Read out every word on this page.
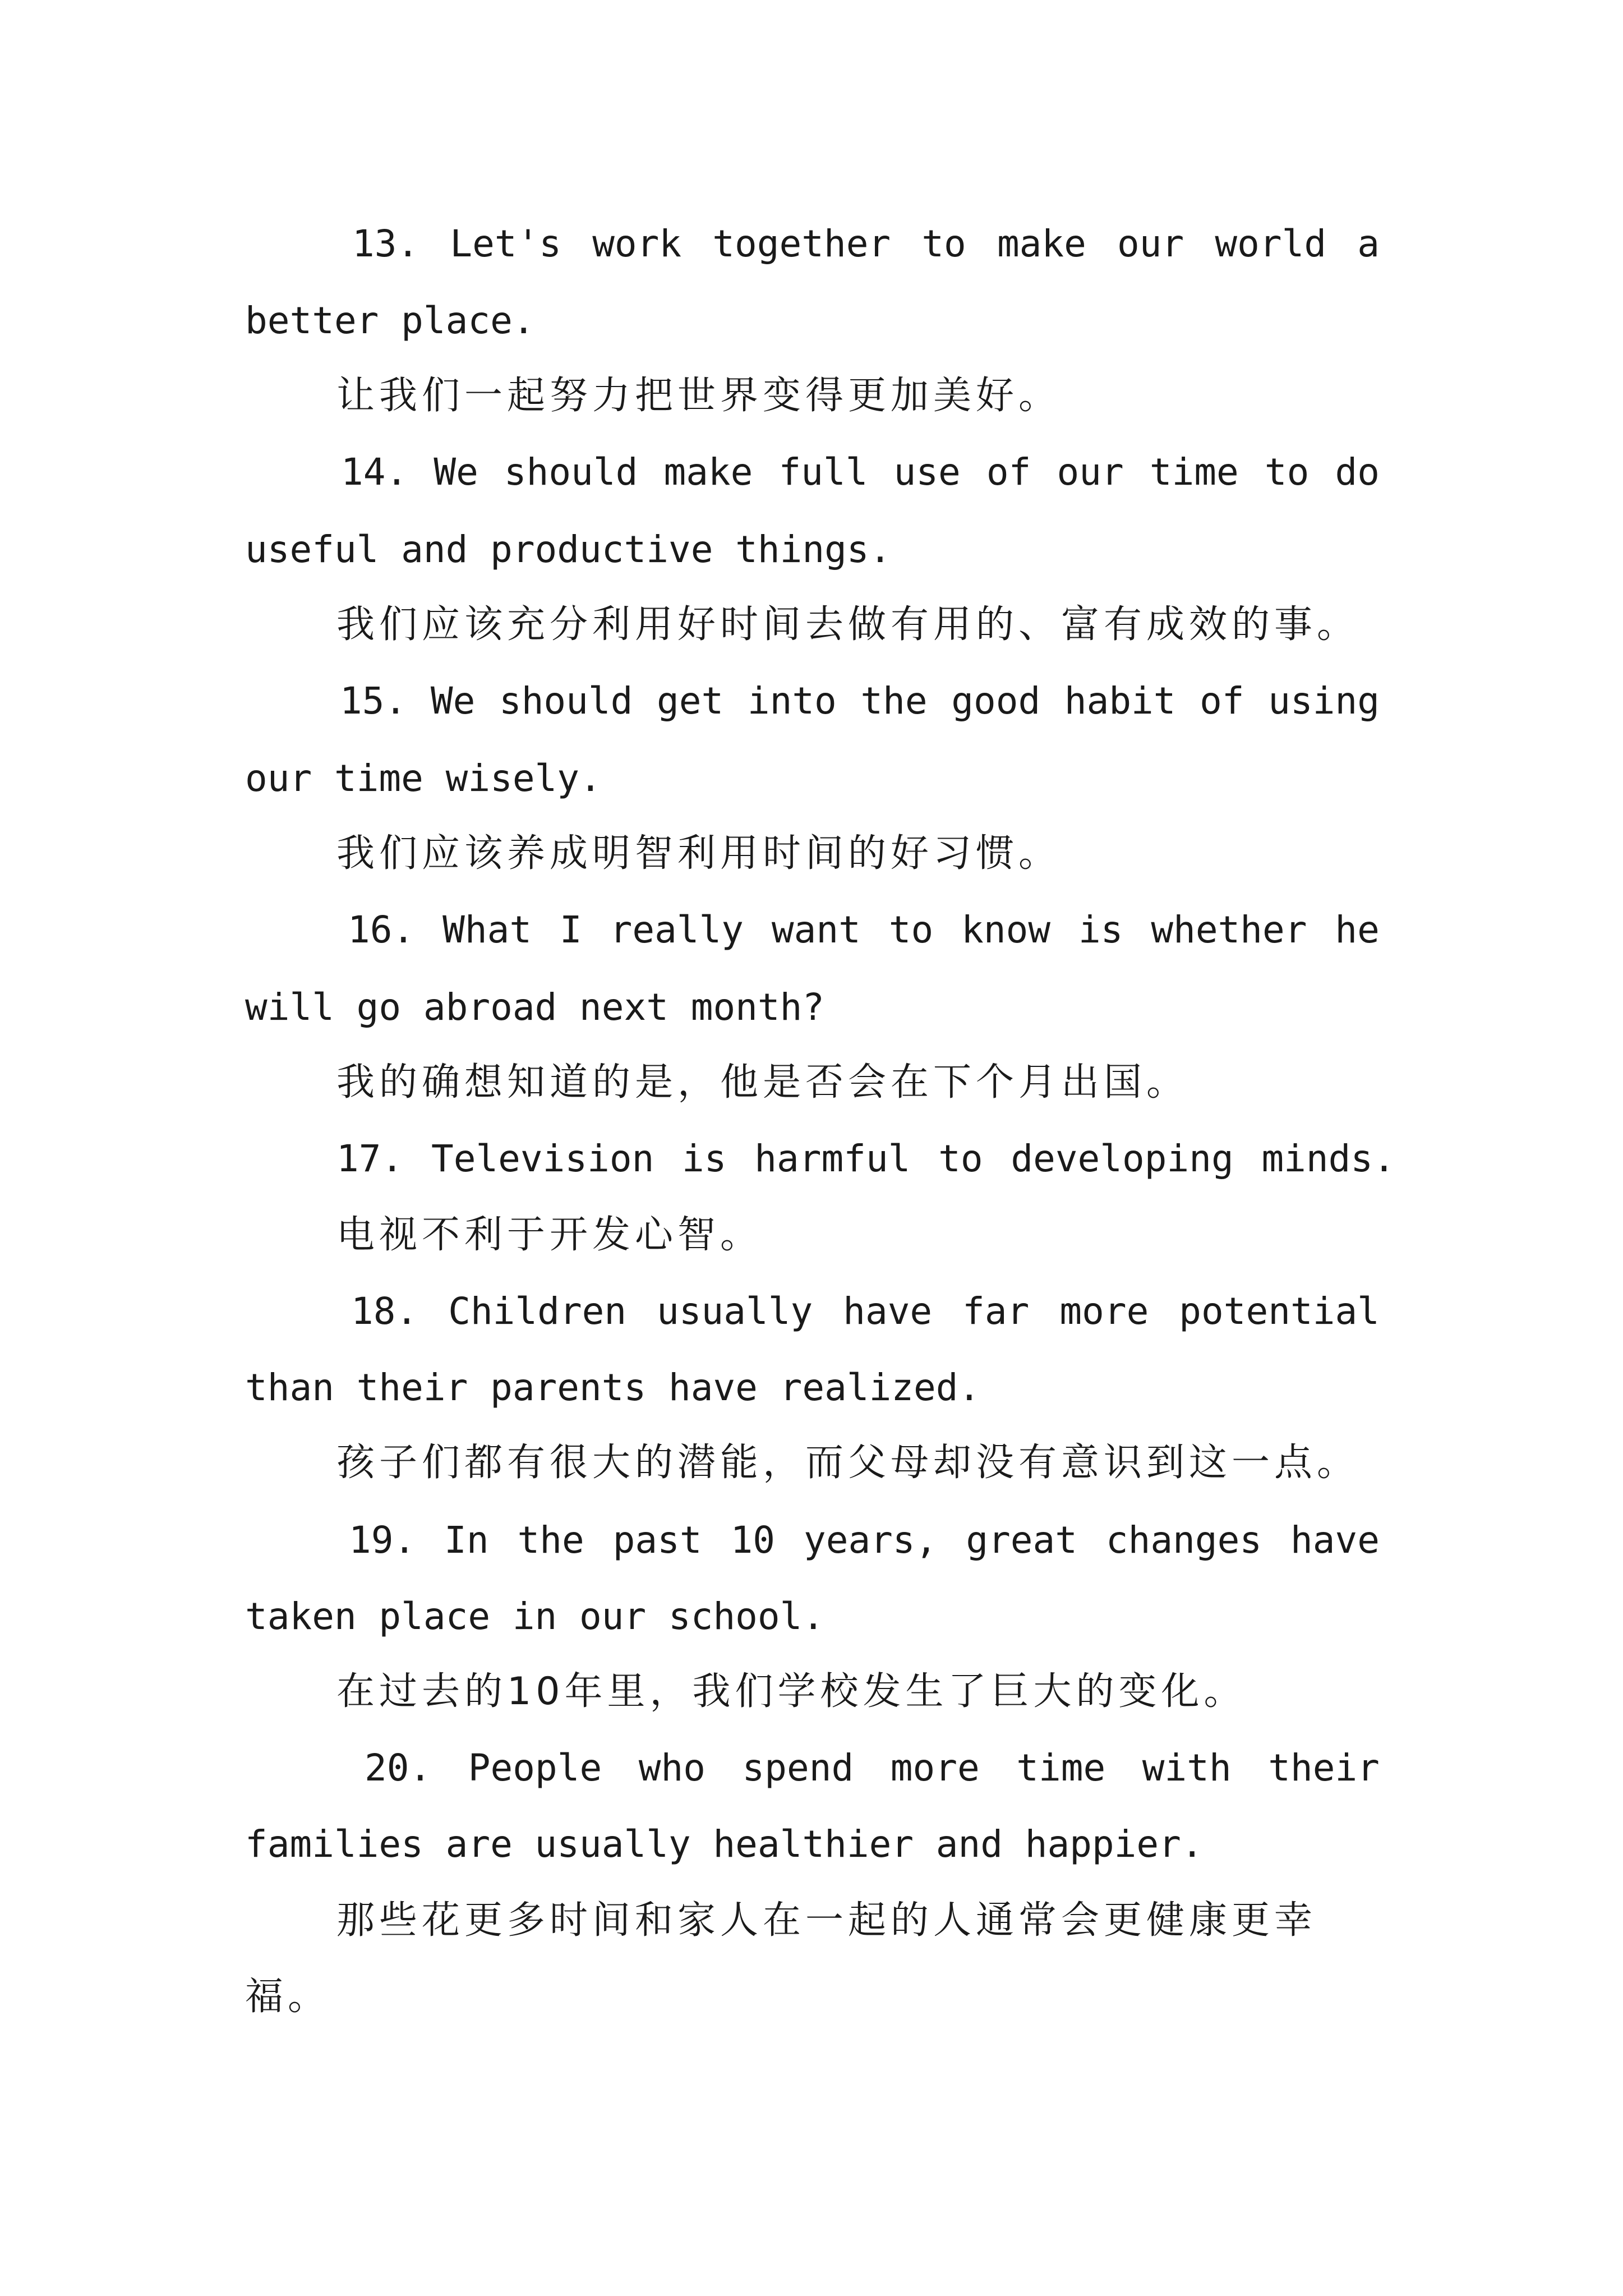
13. Let's work together to make our world a
better place.
让我们一起努力把世界变得更加美好。
14. We should make full use of our time to do
useful and productive things.
我们应该充分利用好时间去做有用的、富有成效的事。
15. We should get into the good habit of using
our time wisely.
我们应该养成明智利用时间的好习惯。
16. What I really want to know is whether he
will go abroad next month?
我的确想知道的是，他是否会在下个月出国。
17. Television is harmful to developing minds.
电视不利于开发心智。
18. Children usually have far more potential
than their parents have realized.
孩子们都有很大的潜能，而父母却没有意识到这一点。
19. In the past 10 years, great changes have
taken place in our school.
在过去的10年里，我们学校发生了巨大的变化。
20. People who spend more time with their
families are usually healthier and happier.
那些花更多时间和家人在一起的人通常会更健康更幸
福。
